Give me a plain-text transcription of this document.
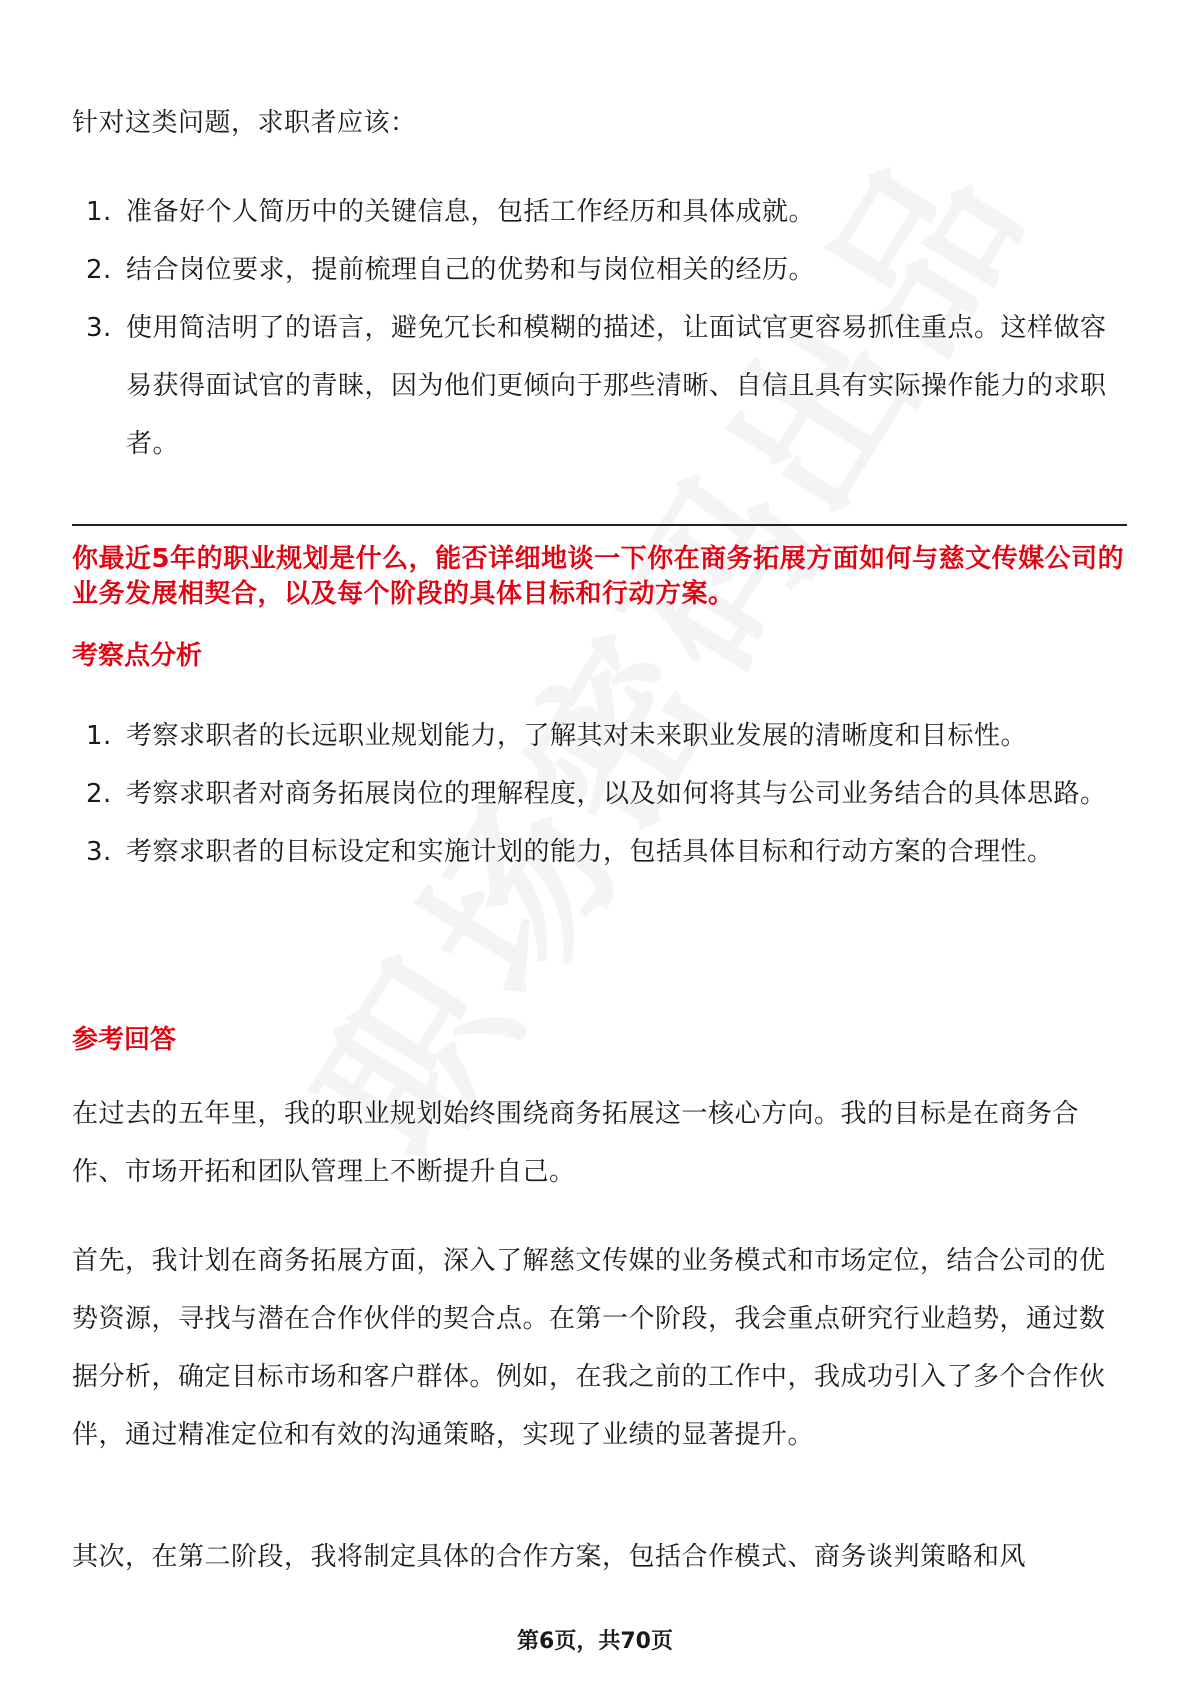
针对这类问题，求职者应该：

1. 准备好个人简历中的关键信息，包括工作经历和具体成就。
2. 结合岗位要求，提前梳理自己的优势和与岗位相关的经历。
3. 使用简洁明了的语言，避免冗长和模糊的描述，让面试官更容易抓住重点。这样做容易获得面试官的青睐，因为他们更倾向于那些清晰、自信且具有实际操作能力的求职者。

你最近5年的职业规划是什么，能否详细地谈一下你在商务拓展方面如何与慈文传媒公司的业务发展相契合，以及每个阶段的具体目标和行动方案。

考察点分析

1. 考察求职者的长远职业规划能力，了解其对未来职业发展的清晰度和目标性。
2. 考察求职者对商务拓展岗位的理解程度，以及如何将其与公司业务结合的具体思路。
3. 考察求职者的目标设定和实施计划的能力，包括具体目标和行动方案的合理性。

参考回答

在过去的五年里，我的职业规划始终围绕商务拓展这一核心方向。我的目标是在商务合作、市场开拓和团队管理上不断提升自己。

首先，我计划在商务拓展方面，深入了解慈文传媒的业务模式和市场定位，结合公司的优势资源，寻找与潜在合作伙伴的契合点。在第一个阶段，我会重点研究行业趋势，通过数据分析，确定目标市场和客户群体。例如，在我之前的工作中，我成功引入了多个合作伙伴，通过精准定位和有效的沟通策略，实现了业绩的显著提升。

其次，在第二阶段，我将制定具体的合作方案，包括合作模式、商务谈判策略和风

第6页，共70页
